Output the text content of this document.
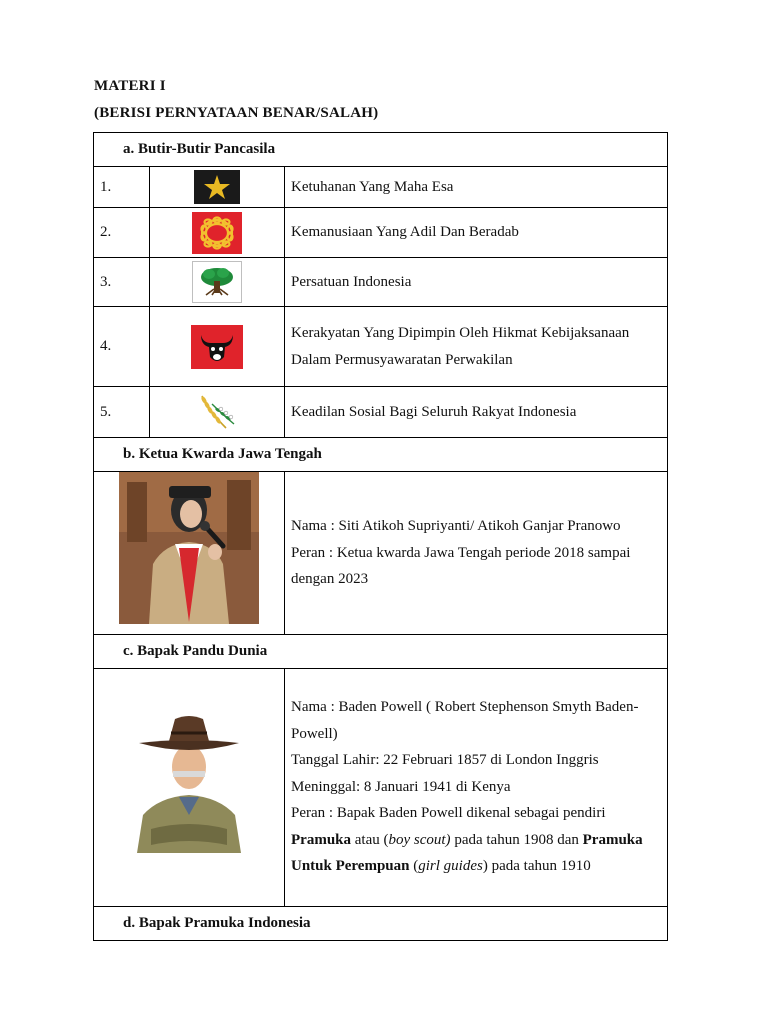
MATERI I
(BERISI PERNYATAAN BENAR/SALAH)
a. Butir-Butir Pancasila		
1.		Ketuhanan Yang Maha Esa
2.		Kemanusiaan Yang Adil Dan Beradab
3.		Persatuan Indonesia
4.		Kerakyatan Yang Dipimpin Oleh Hikmat Kebijaksanaan Dalam Permusyawaratan Perwakilan
5.		Keadilan Sosial Bagi Seluruh Rakyat Indonesia
b. Ketua Kwarda Jawa Tengah		

Nama : Siti Atikoh Supriyanti/ Atikoh Ganjar Pranowo
Peran : Ketua kwarda Jawa Tengah periode 2018 sampai dengan 2023

c. Bapak Pandu Dunia		

Nama : Baden Powell ( Robert Stephenson Smyth Baden-Powell)
Tanggal Lahir: 22 Februari 1857 di London Inggris
Meninggal: 8 Januari 1941 di Kenya
Peran : Bapak Baden Powell dikenal sebagai pendiri Pramuka atau (boy scout) pada tahun 1908 dan Pramuka Untuk Perempuan (girl guides) pada tahun 1910

d. Bapak Pramuka Indonesia		
